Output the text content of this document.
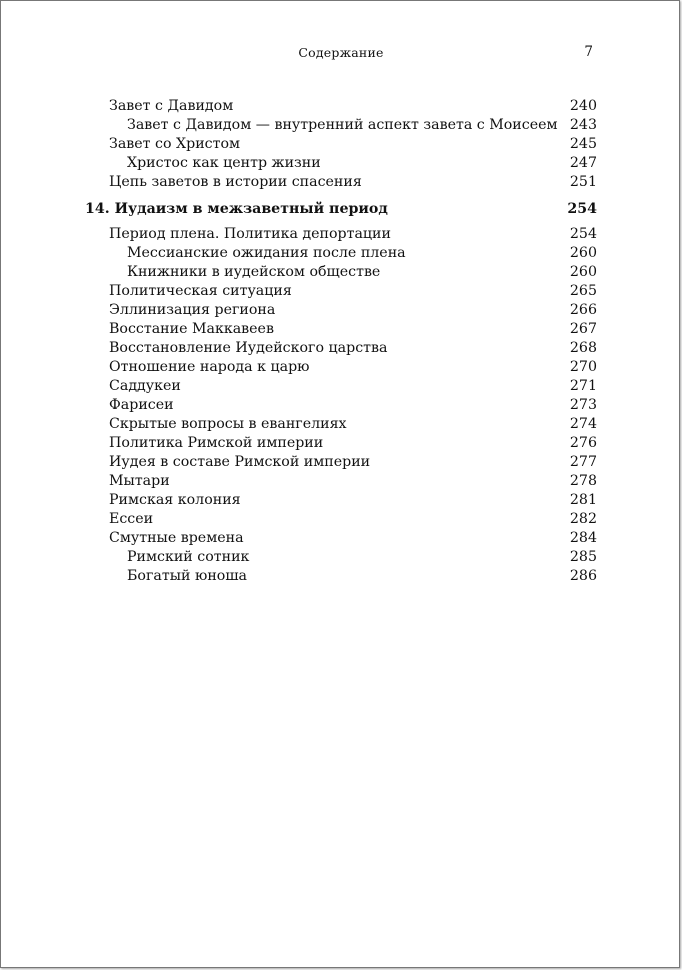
Содержание	7
Завет с Давидом	240
Завет с Давидом — внутренний аспект завета с Моисеем 243
Завет со Христом	245
Христос как центр жизни	247
Цепь заветов в истории спасения	251
14. Иудаизм в межзаветный период	254
Период плена. Политика депортации	254
Мессианские ожидания после плена	260
Книжники в иудейском обществе	260
Политическая ситуация	265
Эллинизация региона	266
Восстание Маккавеев	267
Восстановление Иудейского царства	268
Отношение народа к царю	270
Саддукеи	271
Фарисеи	273
Скрытые вопросы в евангелиях	274
Политика Римской империи	276
Иудея в составе Римской империи	277
Мытари	278
Римская колония	281
Ессеи	282
Смутные времена	284
Римский сотник	285
Богатый юноша	286
